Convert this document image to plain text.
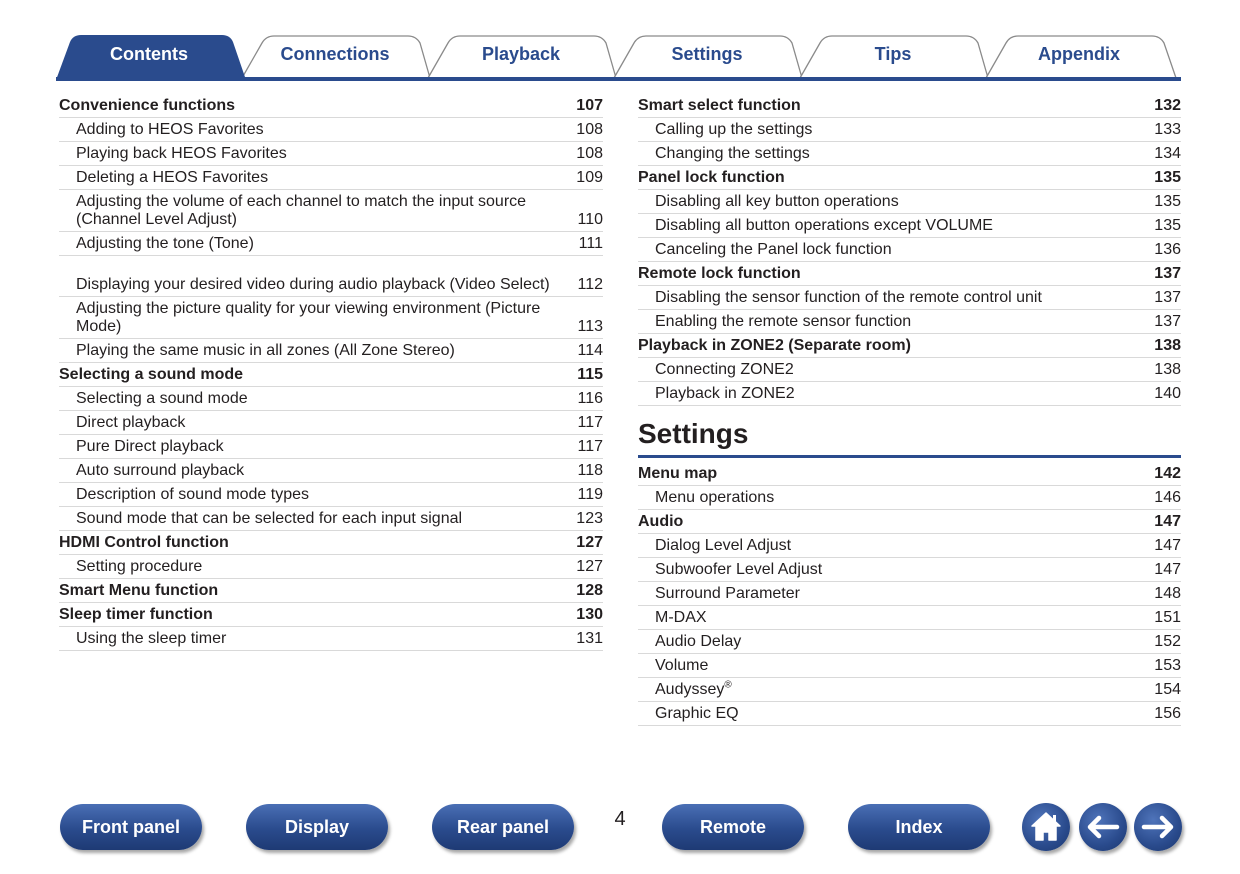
Contents	Connections	Playback	Settings	Tips	Appendix
Convenience functions	107
Adding to HEOS Favorites	108
Playing back HEOS Favorites	108
Deleting a HEOS Favorites	109
Adjusting the volume of each channel to match the input source (Channel Level Adjust)	110
Adjusting the tone (Tone)	111
Displaying your desired video during audio playback (Video Select)	112
Adjusting the picture quality for your viewing environment (Picture Mode)	113
Playing the same music in all zones (All Zone Stereo)	114
Selecting a sound mode	115
Selecting a sound mode	116
Direct playback	117
Pure Direct playback	117
Auto surround playback	118
Description of sound mode types	119
Sound mode that can be selected for each input signal	123
HDMI Control function	127
Setting procedure	127
Smart Menu function	128
Sleep timer function	130
Using the sleep timer	131
Smart select function	132
Calling up the settings	133
Changing the settings	134
Panel lock function	135
Disabling all key button operations	135
Disabling all button operations except VOLUME	135
Canceling the Panel lock function	136
Remote lock function	137
Disabling the sensor function of the remote control unit	137
Enabling the remote sensor function	137
Playback in ZONE2 (Separate room)	138
Connecting ZONE2	138
Playback in ZONE2	140
Settings
Menu map	142
Menu operations	146
Audio	147
Dialog Level Adjust	147
Subwoofer Level Adjust	147
Surround Parameter	148
M-DAX	151
Audio Delay	152
Volume	153
Audyssey®	154
Graphic EQ	156
Front panel	Display	Rear panel	4	Remote	Index
